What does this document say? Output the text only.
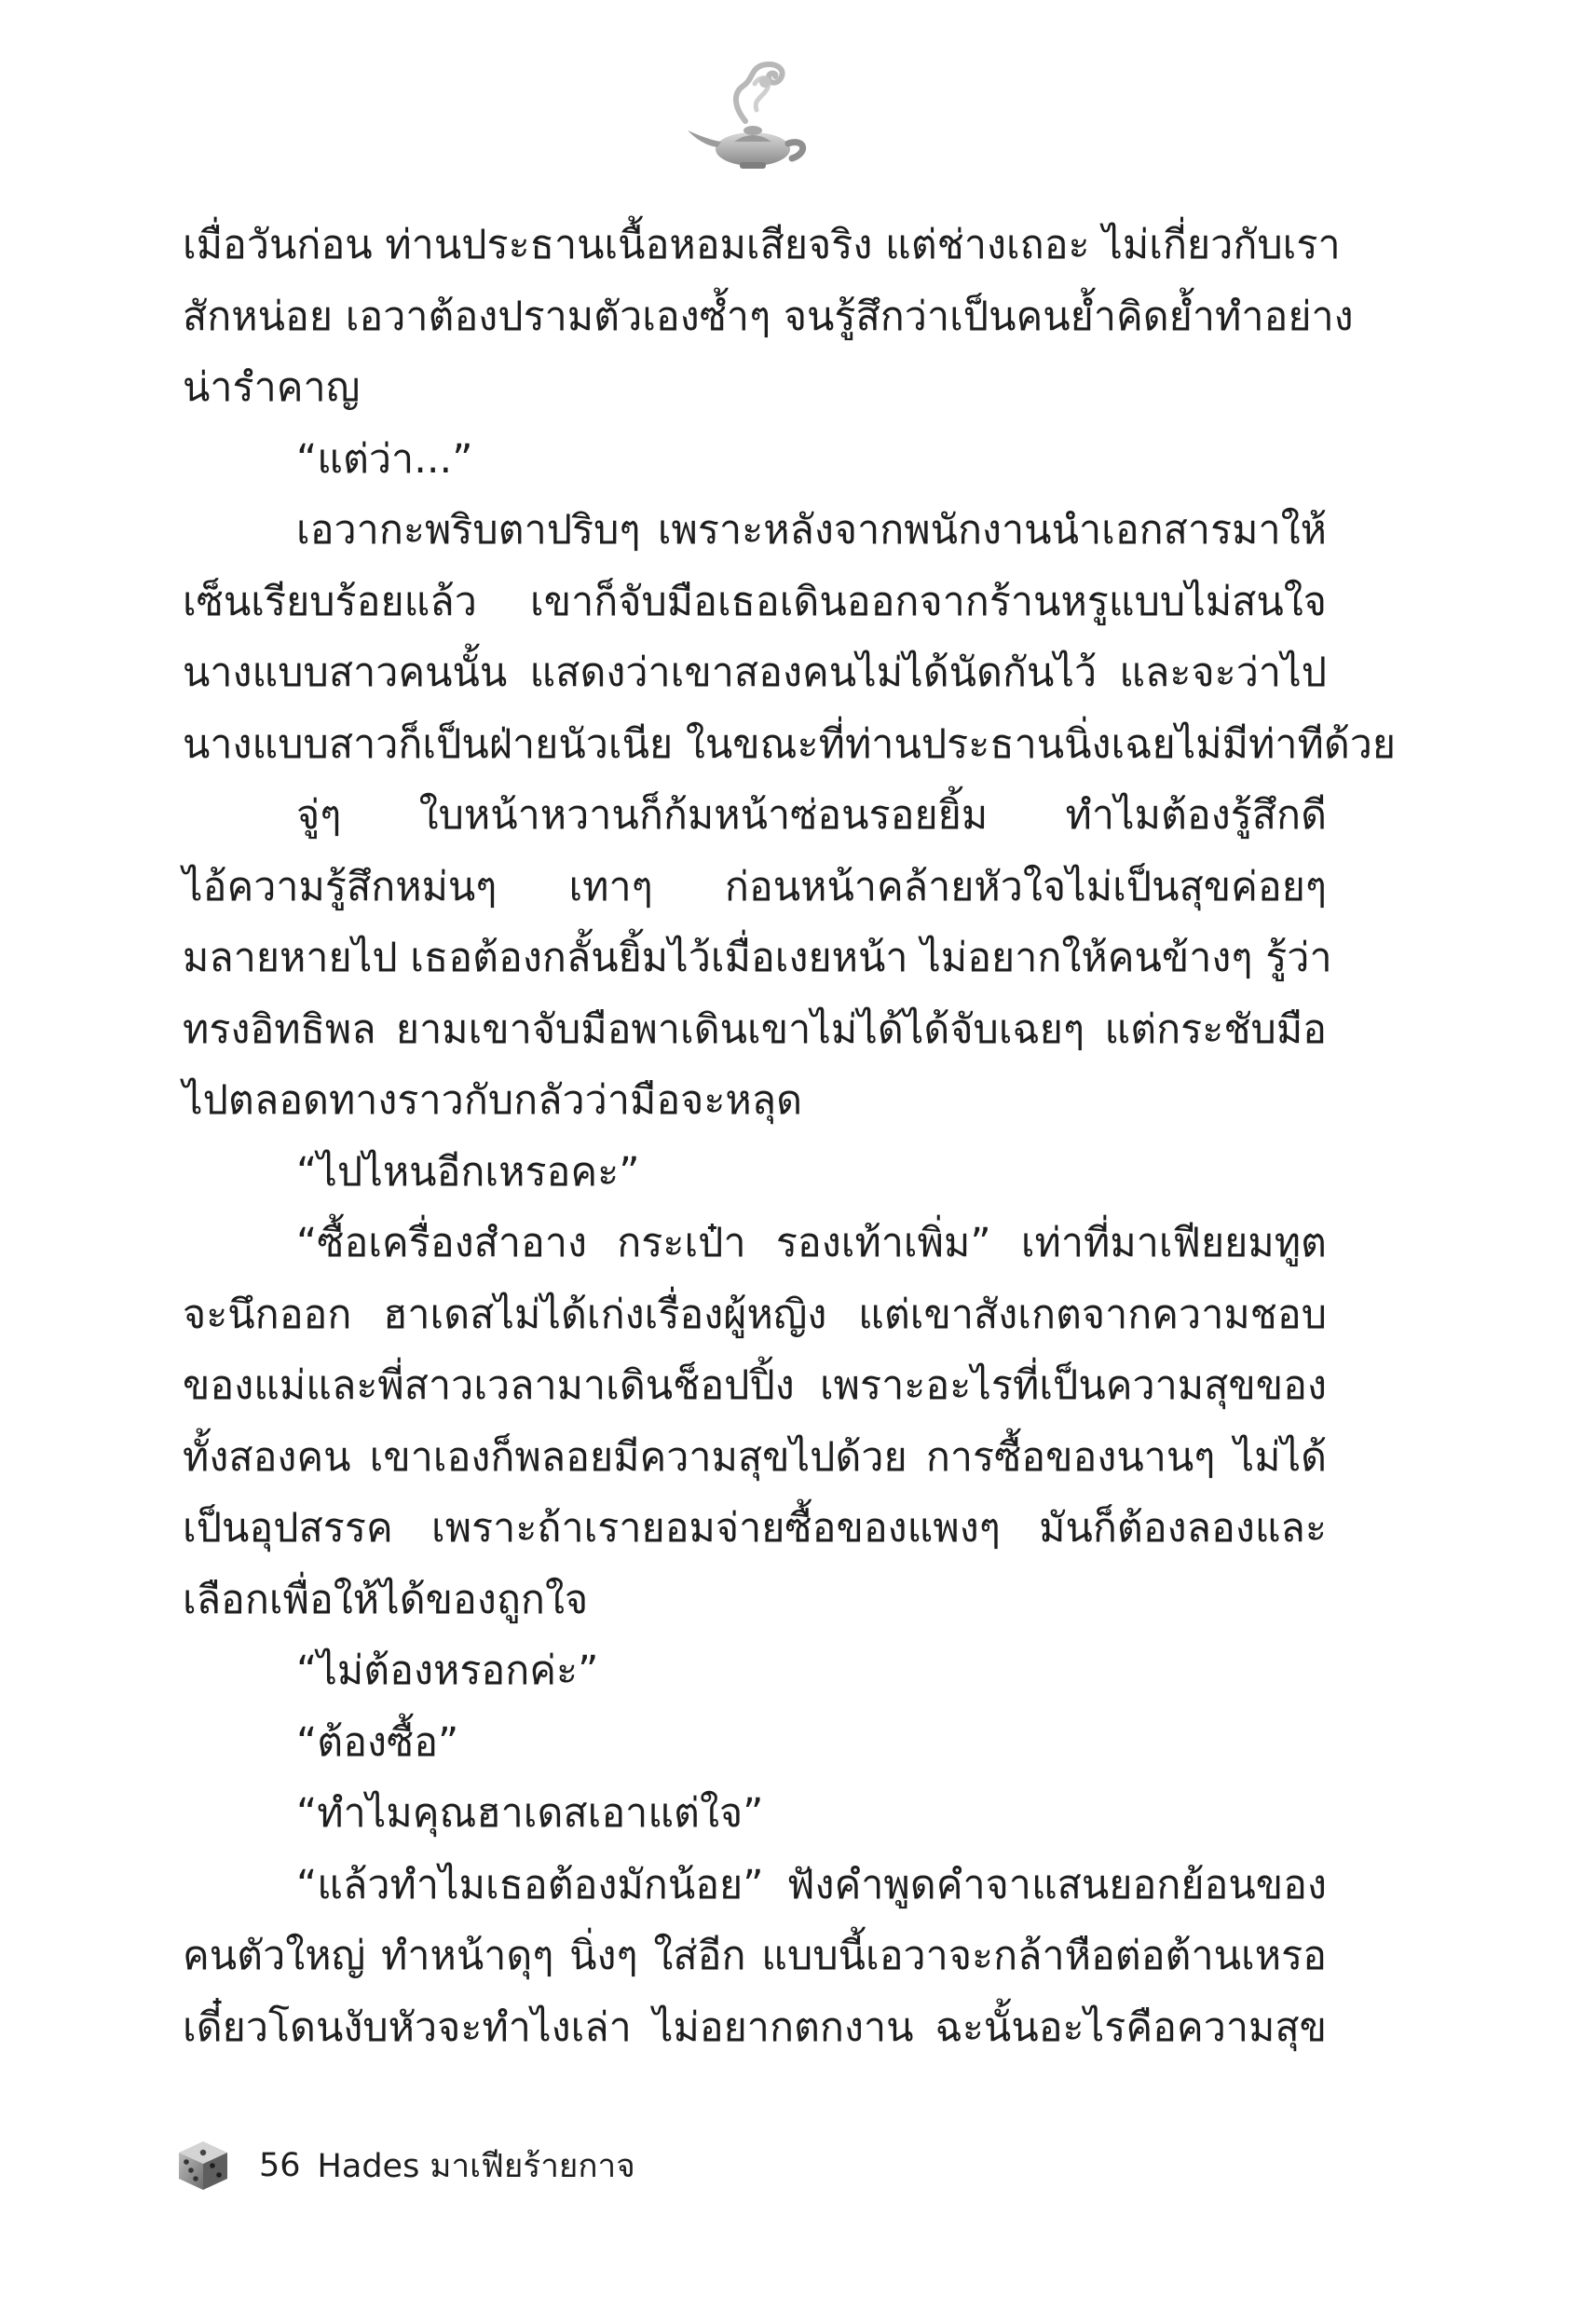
เมื่อวันก่อน ท่านประธานเนื้อหอมเสียจริง แต่ช่างเถอะ ไม่เกี่ยวกับเรา
สักหน่อย เอวาต้องปรามตัวเองซ้ำๆ จนรู้สึกว่าเป็นคนย้ำคิดย้ำทำอย่าง
น่ารำคาญ
“แต่ว่า...”
เอวากะพริบตาปริบๆ เพราะหลังจากพนักงานนำเอกสารมาให้
เซ็นเรียบร้อยแล้ว เขาก็จับมือเธอเดินออกจากร้านหรูแบบไม่สนใจ
นางแบบสาวคนนั้น แสดงว่าเขาสองคนไม่ได้นัดกันไว้ และจะว่าไป
นางแบบสาวก็เป็นฝ่ายนัวเนีย ในขณะที่ท่านประธานนิ่งเฉยไม่มีท่าทีด้วย
จู่ๆ ใบหน้าหวานก็ก้มหน้าซ่อนรอยยิ้ม ทำไมต้องรู้สึกดี
ไอ้ความรู้สึกหม่นๆ เทาๆ ก่อนหน้าคล้ายหัวใจไม่เป็นสุขค่อยๆ
มลายหายไป เธอต้องกลั้นยิ้มไว้เมื่อเงยหน้า ไม่อยากให้คนข้างๆ รู้ว่า
ทรงอิทธิพล ยามเขาจับมือพาเดินเขาไม่ได้ได้จับเฉยๆ แต่กระชับมือ
ไปตลอดทางราวกับกลัวว่ามือจะหลุด
“ไปไหนอีกเหรอคะ”
“ซื้อเครื่องสำอาง กระเป๋า รองเท้าเพิ่ม” เท่าที่มาเฟียยมทูต
จะนึกออก ฮาเดสไม่ได้เก่งเรื่องผู้หญิง แต่เขาสังเกตจากความชอบ
ของแม่และพี่สาวเวลามาเดินช็อปปิ้ง เพราะอะไรที่เป็นความสุขของ
ทั้งสองคน เขาเองก็พลอยมีความสุขไปด้วย การซื้อของนานๆ ไม่ได้
เป็นอุปสรรค เพราะถ้าเรายอมจ่ายซื้อของแพงๆ มันก็ต้องลองและ
เลือกเพื่อให้ได้ของถูกใจ
“ไม่ต้องหรอกค่ะ”
“ต้องซื้อ”
“ทำไมคุณฮาเดสเอาแต่ใจ”
“แล้วทำไมเธอต้องมักน้อย” ฟังคำพูดคำจาแสนยอกย้อนของ
คนตัวใหญ่ ทำหน้าดุๆ นิ่งๆ ใส่อีก แบบนี้เอวาจะกล้าหือต่อต้านเหรอ
เดี๋ยวโดนงับหัวจะทำไงเล่า ไม่อยากตกงาน ฉะนั้นอะไรคือความสุข
56 Hades มาเฟียร้ายกาจ
